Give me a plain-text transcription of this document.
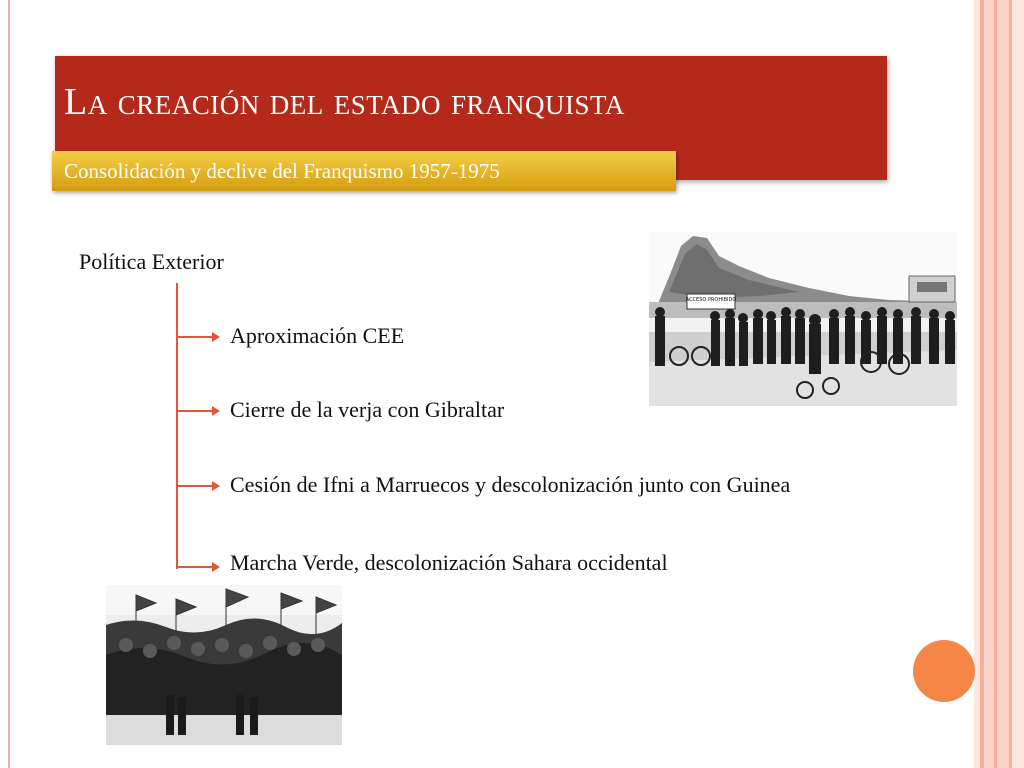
La creación del estado franquista
Consolidación y declive del Franquismo 1957-1975
Política Exterior
Aproximación CEE
Cierre de la verja con Gibraltar
Cesión de Ifni a Marruecos y descolonización junto con Guinea
Marcha Verde, descolonización Sahara occidental
ACCESO PROHIBIDO
